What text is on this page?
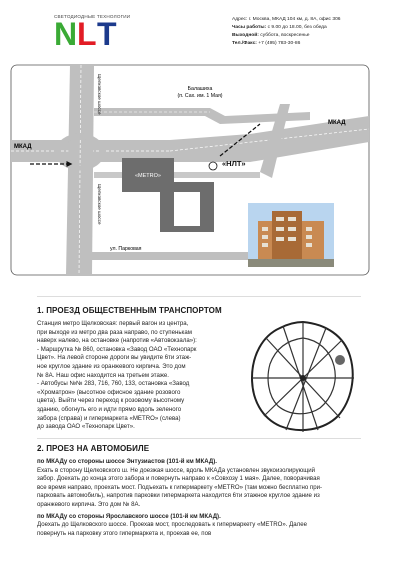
СВЕТОДИОДНЫЕ ТЕХНОЛОГИИ
N L T	Адрес: г. Москва, МКАД 104 км, д. 8А, офис 306
Часы работы: с 9.00 до 18.00, без обеда
Выходной: суббота, воскресенье
Тел./Факс: +7 (495) 783-30-86
«METRO»
«НЛТ»
Балашиха
(п. Сах. им. 1 Мая)
МКАД
МКАД
Щелковское шоссе
Щелковское шоссе
ул. Парковая
1. ПРОЕЗД ОБЩЕСТВЕННЫМ ТРАНСПОРТОМ
Станция метро Щелковская: первый вагон из центра,
при выходе из метро два раза направо, по ступенькам
наверх налево, на остановке (напротив «Автовокзала»):
- Маршрутка № 860, остановка «Завод ОАО «Технопарк
Цвет». На левой стороне дороги вы увидите 6ти этаж-
ное круглое здание из оранжевого кирпича. Это дом
№ 8А. Наш офис находится на третьем этаже.
- Автобусы №№ 283, 716, 760, 133, остановка «Завод
«Хроматрон» (высотное офисное здание розового
цвета). Выйти через переход к розовому высотному
зданию, обогнуть его и идти прямо вдоль зеленого
забора (справа) и гипермаркета «METRO» (слева)
до завода ОАО «Технопарк Цвет».
2. ПРОЕЗ НА АВТОМОБИЛЕ
по МКАДу со стороны шоссе Энтузиастов (101-й км МКАД).
Ехать в сторону Щелковского ш. Не доезжая шоссе, вдоль МКАДа установлен звукоизолирующий
забор. Доехать до конца этого забора и повернуть направо к «Совхозу 1 мая». Далее, поворачивая
все время направо, проехать мост. Подъехать к гипермаркету «METRO» (там можно бесплатно при-
парковать автомобиль), напротив парковки гипермаркета находится 6ти этажное круглое здание из
оранжевого кирпича. Это дом № 8А.
по МКАДу со стороны Ярославского шоссе (101-й км МКАД).
Доехать до Щелковского шоссе. Проехав мост, проследовать к гипермаркету «METRO». Далее
повернуть на парковку этого гипермаркета и, проехав ее, пов
